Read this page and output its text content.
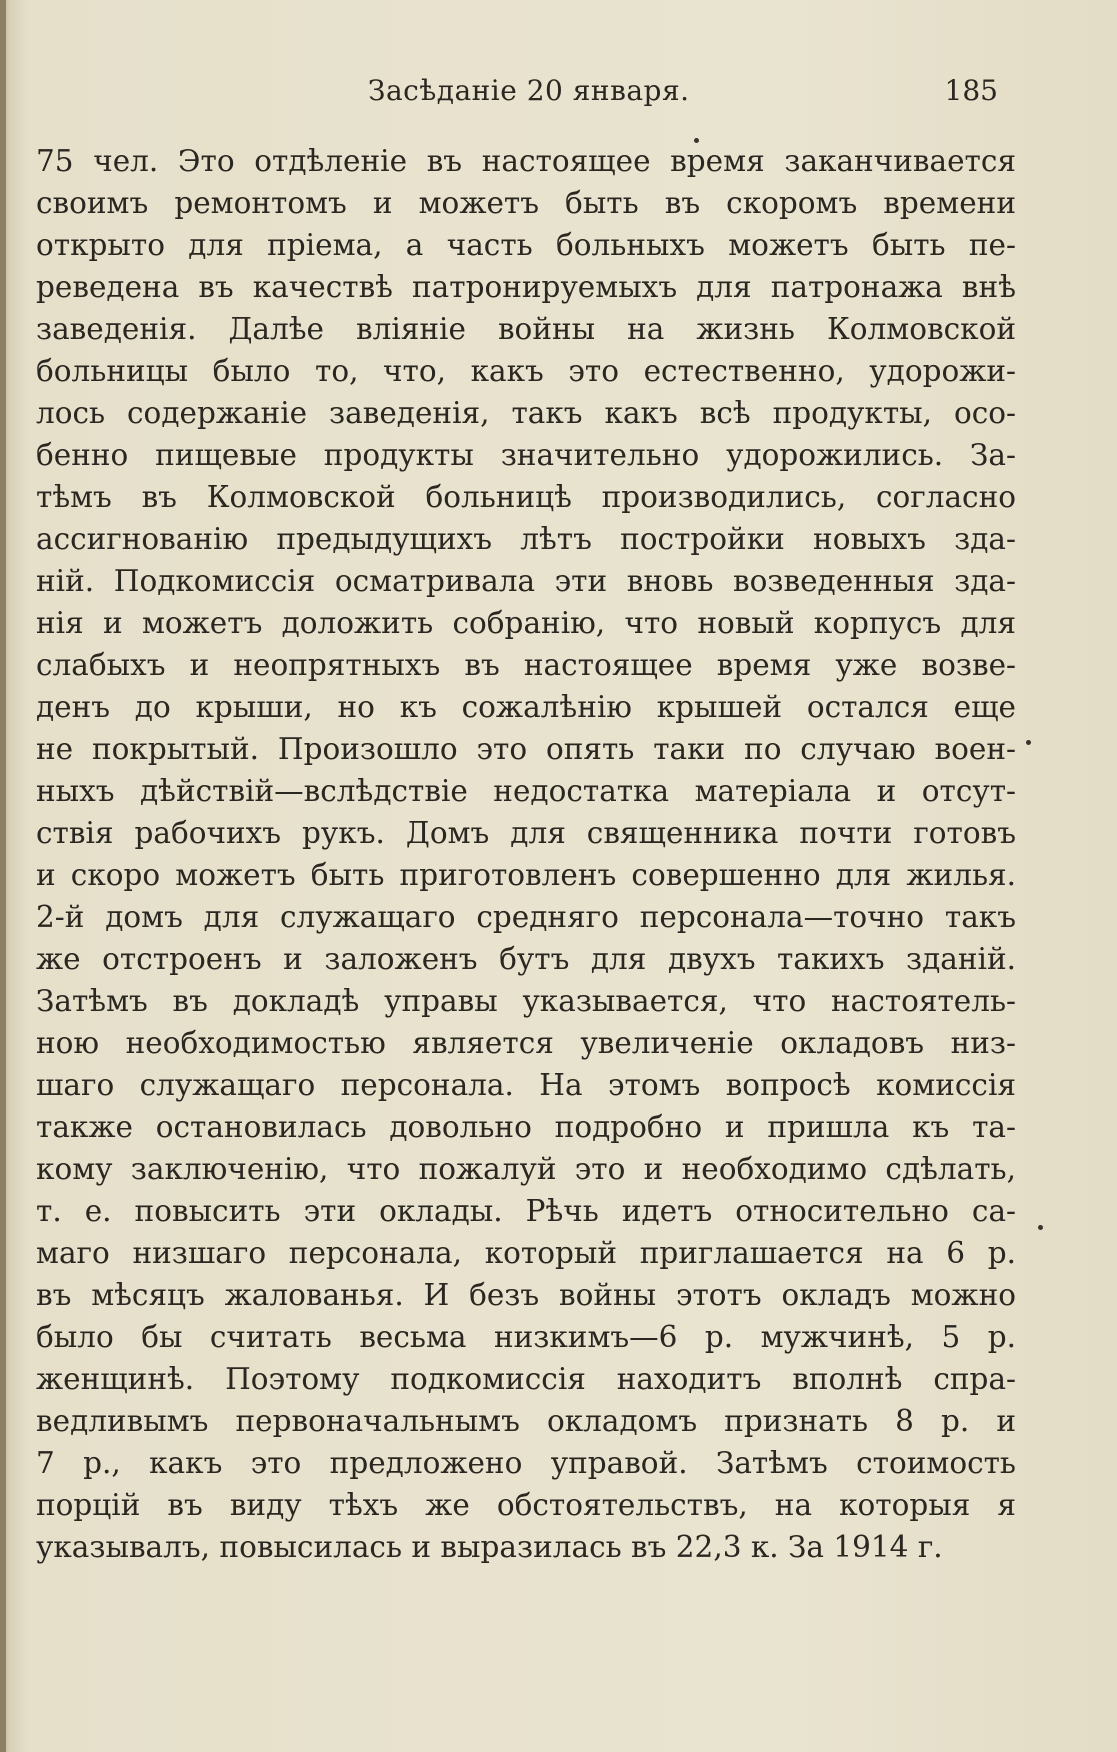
Засѣданіе 20 января.	185
75 чел. Это отдѣленіе въ настоящее время заканчивается
своимъ ремонтомъ и можетъ быть въ скоромъ времени
открыто для пріема, а часть больныхъ можетъ быть пе-
реведена въ качествѣ патронируемыхъ для патронажа внѣ
заведенія. Далѣе вліяніе войны на жизнь Колмовской
больницы было то, что, какъ это естественно, удорожи-
лось содержаніе заведенія, такъ какъ всѣ продукты, осо-
бенно пищевые продукты значительно удорожились. За-
тѣмъ въ Колмовской больницѣ производились, согласно
ассигнованію предыдущихъ лѣтъ постройки новыхъ зда-
ній. Подкомиссія осматривала эти вновь возведенныя зда-
нія и можетъ доложить собранію, что новый корпусъ для
слабыхъ и неопрятныхъ въ настоящее время уже возве-
денъ до крыши, но къ сожалѣнію крышей остался еще
не покрытый. Произошло это опять таки по случаю воен-
ныхъ дѣйствій—вслѣдствіе недостатка матеріала и отсут-
ствія рабочихъ рукъ. Домъ для священника почти готовъ
и скоро можетъ быть приготовленъ совершенно для жилья.
2-й домъ для служащаго средняго персонала—точно такъ
же отстроенъ и заложенъ бутъ для двухъ такихъ зданій.
Затѣмъ въ докладѣ управы указывается, что настоятель-
ною необходимостью является увеличеніе окладовъ низ-
шаго служащаго персонала. На этомъ вопросѣ комиссія
также остановилась довольно подробно и пришла къ та-
кому заключенію, что пожалуй это и необходимо сдѣлать,
т. е. повысить эти оклады. Рѣчь идетъ относительно са-
маго низшаго персонала, который приглашается на 6 р.
въ мѣсяцъ жалованья. И безъ войны этотъ окладъ можно
было бы считать весьма низкимъ—6 р. мужчинѣ, 5 р.
женщинѣ. Поэтому подкомиссія находитъ вполнѣ спра-
ведливымъ первоначальнымъ окладомъ признать 8 р. и
7 р., какъ это предложено управой. Затѣмъ стоимость
порцій въ виду тѣхъ же обстоятельствъ, на которыя я
указывалъ, повысилась и выразилась въ 22,3 к. За 1914 г.
